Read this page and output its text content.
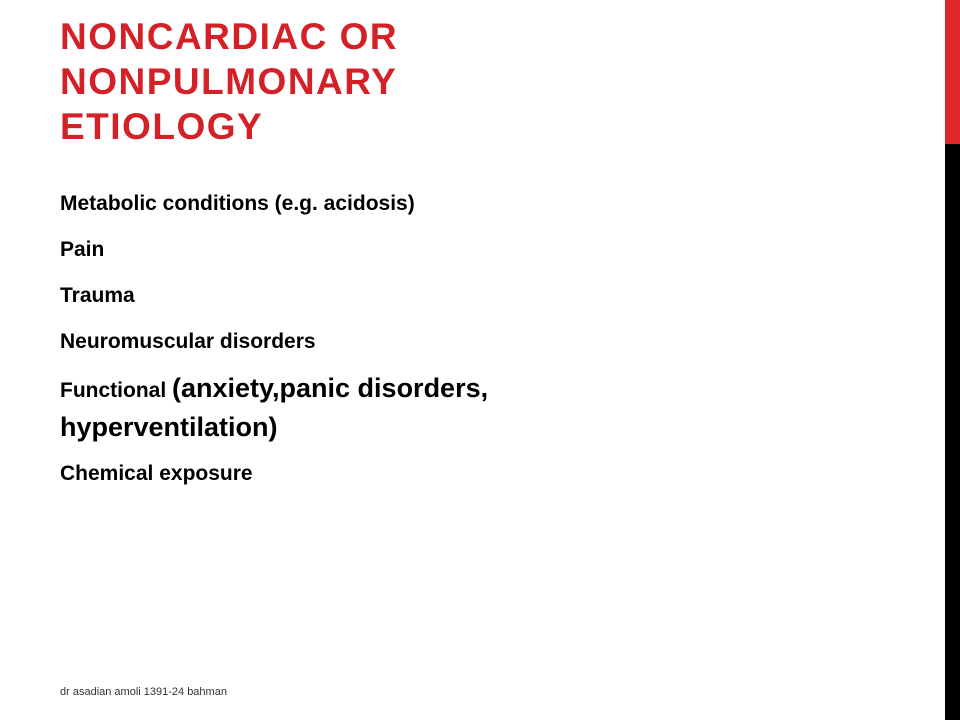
NONCARDIAC OR
NONPULMONARY
ETIOLOGY
Metabolic conditions (e.g. acidosis)
Pain
Trauma
Neuromuscular disorders
Functional (anxiety,panic disorders,
hyperventilation)
Chemical exposure
dr asadian amoli 1391-24 bahman
